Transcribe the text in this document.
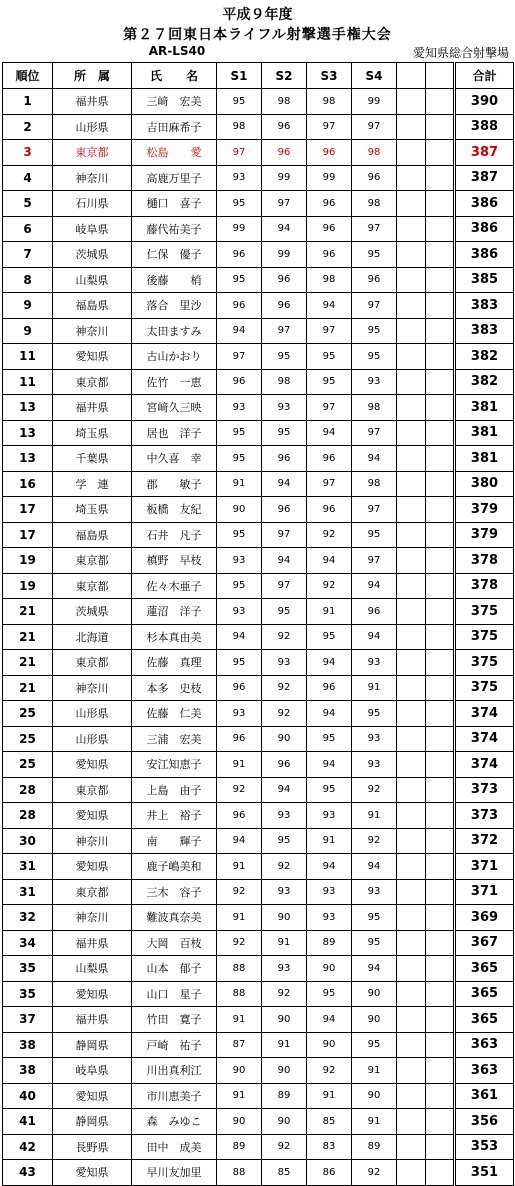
平成９年度
第２７回東日本ライフル射撃選手権大会
AR-LS40	愛知県総合射撃場
順位	所　属	氏　　名	S1	S2	S3	S4			合計
1	福井県	三﨑　宏美	95	98	98	99			390
2	山形県	吉田麻希子	98	96	97	97			388
3	東京都	松島　　愛	97	96	96	98			387
4	神奈川	高鹿万里子	93	99	99	96			387
5	石川県	樋口　喜子	95	97	96	98			386
6	岐阜県	藤代祐美子	99	94	96	97			386
7	茨城県	仁保　優子	96	99	96	95			386
8	山梨県	後藤　　梢	95	96	98	96			385
9	福島県	落合　里沙	96	96	94	97			383
9	神奈川	太田ますみ	94	97	97	95			383
11	愛知県	古山かおり	97	95	95	95			382
11	東京都	佐竹　一恵	96	98	95	93			382
13	福井県	宮﨑久三映	93	93	97	98			381
13	埼玉県	居也　洋子	95	95	94	97			381
13	千葉県	中久喜　幸	95	96	96	94			381
16	学　連	郡　　敏子	91	94	97	98			380
17	埼玉県	板橋　友紀	90	96	96	97			379
17	福島県	石井　凡子	95	97	92	95			379
19	東京都	槙野　早枝	93	94	94	97			378
19	東京都	佐々木亜子	95	97	92	94			378
21	茨城県	蓮沼　洋子	93	95	91	96			375
21	北海道	杉本真由美	94	92	95	94			375
21	東京都	佐藤　真理	95	93	94	93			375
21	神奈川	本多　史枝	96	92	96	91			375
25	山形県	佐藤　仁美	93	92	94	95			374
25	山形県	三浦　宏美	96	90	95	93			374
25	愛知県	安江知恵子	91	96	94	93			374
28	東京都	上島　由子	92	94	95	92			373
28	愛知県	井上　裕子	96	93	93	91			373
30	神奈川	南　　輝子	94	95	91	92			372
31	愛知県	鹿子嶋美和	91	92	94	94			371
31	東京都	三木　容子	92	93	93	93			371
32	神奈川	難波真奈美	91	90	93	95			369
34	福井県	大岡　百枝	92	91	89	95			367
35	山梨県	山本　郁子	88	93	90	94			365
35	愛知県	山口　星子	88	92	95	90			365
37	福井県	竹田　寛子	91	90	94	90			365
38	静岡県	戸崎　祐子	87	91	90	95			363
38	岐阜県	川出真利江	90	90	92	91			363
40	愛知県	市川恵美子	91	89	91	90			361
41	静岡県	森　みゆこ	90	90	85	91			356
42	長野県	田中　成美	89	92	83	89			353
43	愛知県	早川友加里	88	85	86	92			351
